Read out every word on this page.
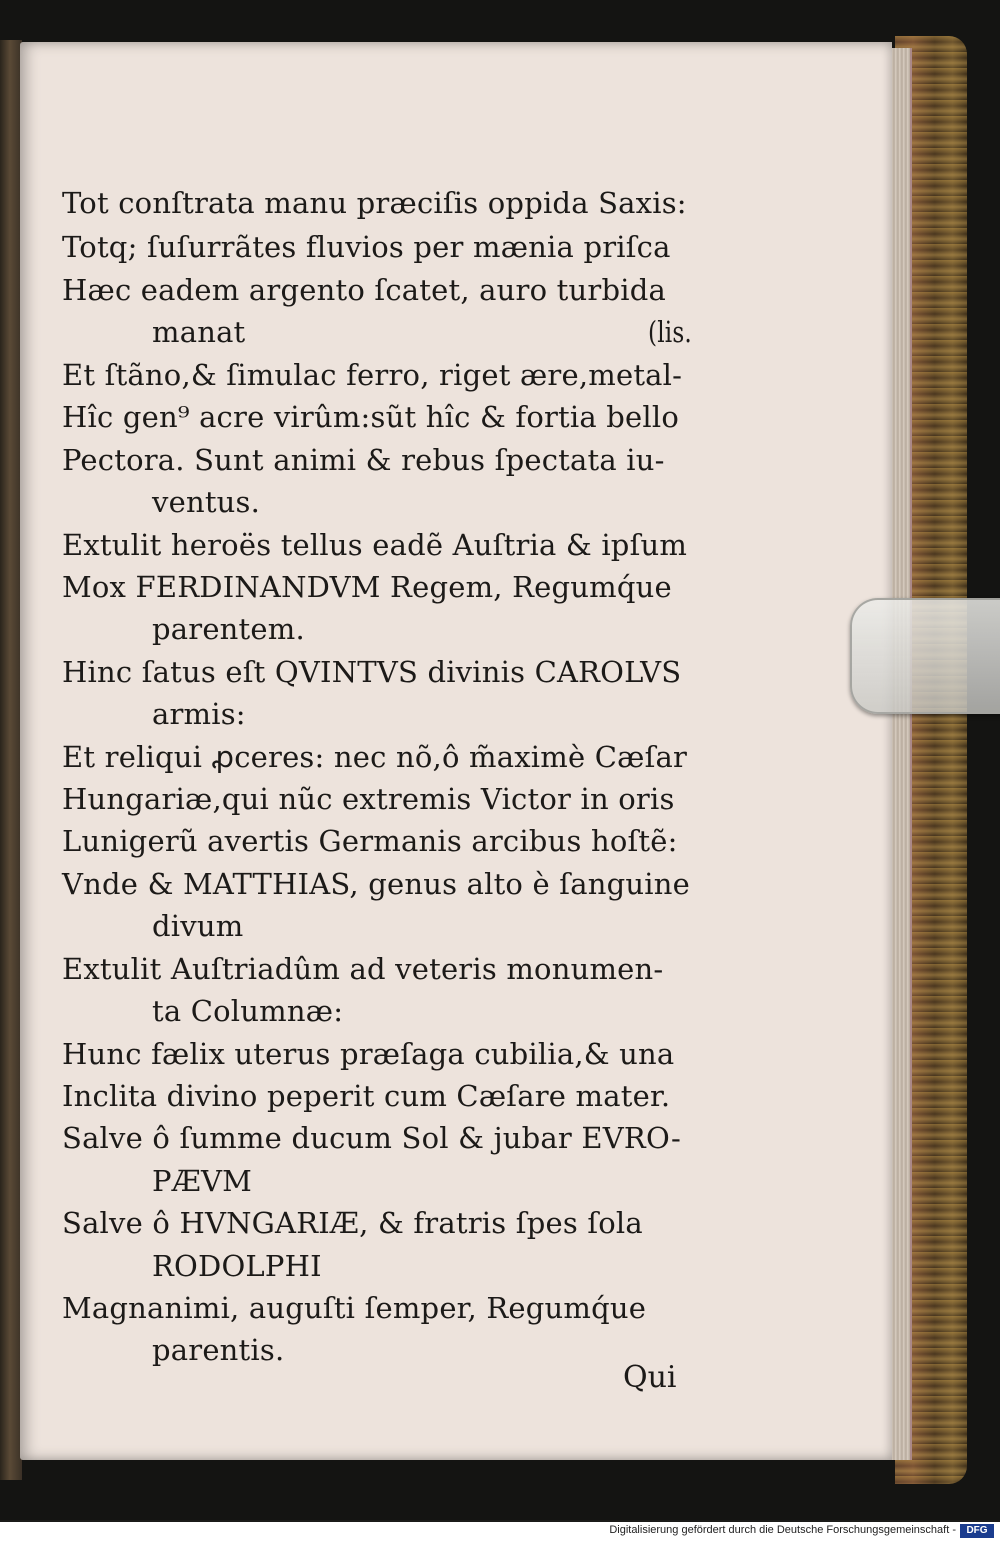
Tot conſtrata manu præciſis oppida Saxis:
Totq; ſuſurrãtes fluvios per mænia priſca
Hæc eadem argento ſcatet, auro turbida
manat	(lis.
Et ſtãno,& ſimulac ferro, riget ære,metal-
Hîc gen⁹ acre virûm:sũt hîc & fortia bello
Pectora. Sunt animi & rebus ſpectata iu-
ventus.
Extulit heroës tellus eadẽ Auſtria & ipſum
Mox FERDINANDVM Regem, Regumq́ue
parentem.
Hinc ſatus eſt QVINTVS divinis CAROLVS
armis:
Et reliqui ꝓceres: nec nõ,ô m̃aximè Cæſar
Hungariæ,qui nũc extremis Victor in oris
Lunigerũ avertis Germanis arcibus hoſtẽ:
Vnde & MATTHIAS, genus alto è ſanguine
divum
Extulit Auſtriadûm ad veteris monumen-
ta Columnæ:
Hunc fælix uterus præſaga cubilia,& una
Inclita divino peperit cum Cæſare mater.
Salve ô ſumme ducum Sol & jubar EVRO-
PÆVM
Salve ô HVNGARIÆ, & fratris ſpes ſola
RODOLPHI
Magnanimi, auguſti ſemper, Regumq́ue
parentis.
Qui
Digitalisierung gefördert durch die Deutsche Forschungsgemeinschaft -	DFG
